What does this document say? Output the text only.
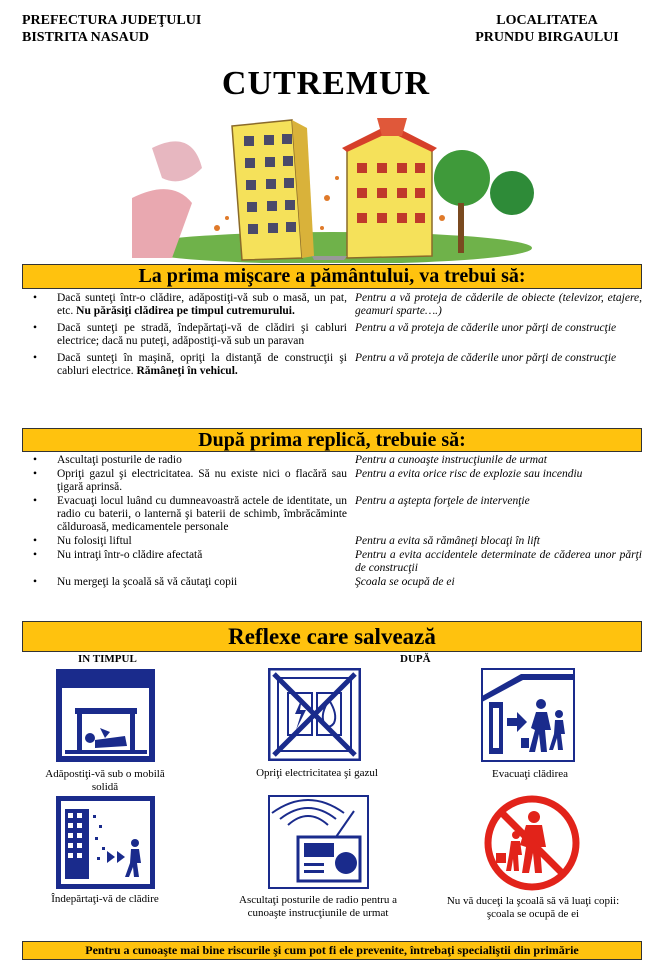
PREFECTURA JUDEŢULUI
BISTRITA NASAUD
LOCALITATEA
PRUNDU BIRGAULUI
CUTREMUR
La prima mişcare a pământului, va trebui să:
• Dacă sunteţi într-o clădire, adăpostiţi-vă sub o masă, un pat, etc. Nu părăsiţi clădirea pe timpul cutremurului.
Pentru a vă proteja de căderile de obiecte (televizor, etajere, geamuri sparte….)
• Dacă sunteţi pe stradă, îndepărtaţi-vă de clădiri şi cabluri electrice; dacă nu puteţi, adăpostiţi-vă sub un paravan
Pentru a vă proteja de căderile unor părţi de construcţie
• Dacă sunteţi în maşină, opriţi la distanţă de construcţii şi cabluri electrice. Rămâneţi în vehicul.
Pentru a vă proteja de căderile unor părţi de construcţie
După prima replică, trebuie să:
• Ascultaţi posturile de radio	Pentru a cunoaşte instrucţiunile de urmat
• Opriţi gazul şi electricitatea. Să nu existe nici o flacără sau ţigară aprinsă.
Pentru a evita orice risc de explozie sau incendiu
• Evacuaţi locul luând cu dumneavoastră actele de identitate, un radio cu baterii, o lanternă şi baterii de schimb, îmbrăcăminte călduroasă, medicamentele personale
Pentru a aştepta forţele de intervenţie
• Nu folosiţi liftul	Pentru a evita să rămâneţi blocaţi în lift
• Nu intraţi într-o clădire afectată	Pentru a evita accidentele determinate de căderea unor părţi de construcţii
• Nu mergeţi la şcoală să vă căutaţi copii	Şcoala se ocupă de ei
Reflexe care salvează
IN TIMPUL	DUPĂ
Adăpostiţi-vă sub o mobilă solidă
Opriţi electricitatea şi gazul	Evacuaţi clădirea
Îndepărtaţi-vă de clădire	Ascultaţi posturile de radio pentru a cunoaşte instrucţiunile de urmat
Nu vă duceţi la şcoală să vă luaţi copii: şcoala se ocupă de ei
Pentru a cunoaşte mai bine riscurile şi cum pot fi ele prevenite, întrebaţi specialiştii din primărie
